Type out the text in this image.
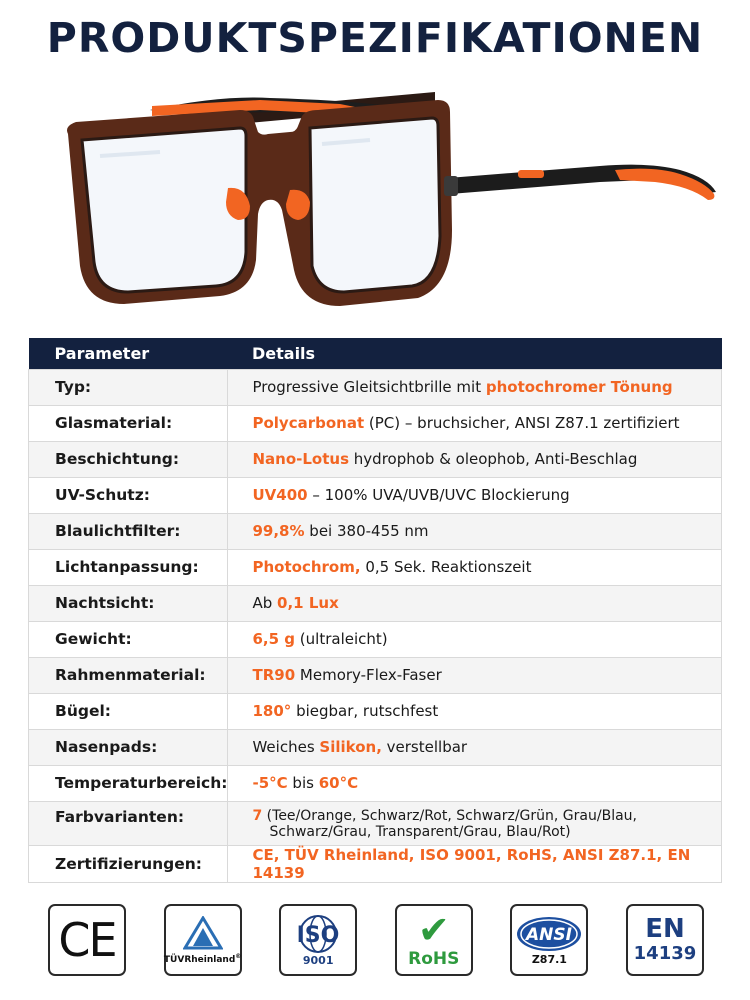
PRODUKTSPEZIFIKATIONEN
Parameter	Details
Typ:	Progressive Gleitsichtbrille mit photochromer Tönung
Glasmaterial:	Polycarbonat (PC) – bruchsicher, ANSI Z87.1 zertifiziert
Beschichtung:	Nano-Lotus hydrophob & oleophob, Anti-Beschlag
UV-Schutz:	UV400 – 100% UVA/UVB/UVC Blockierung
Blaulichtfilter:	99,8% bei 380-455 nm
Lichtanpassung:	Photochrom, 0,5 Sek. Reaktionszeit
Nachtsicht:	Ab 0,1 Lux
Gewicht:	6,5 g (ultraleicht)
Rahmenmaterial:	TR90 Memory-Flex-Faser
Bügel:	180° biegbar, rutschfest
Nasenpads:	Weiches Silikon, verstellbar
Temperaturbereich:	-5°C bis 60°C
Farbvarianten:	7 (Tee/Orange, Schwarz/Rot, Schwarz/Grün, Grau/Blau,
Schwarz/Grau, Transparent/Grau, Blau/Rot)

Zertifizierungen:	CE, TÜV Rheinland, ISO 9001, RoHS, ANSI Z87.1, EN 14139
CE	TÜVRheinland®
ISO
9001
✔
RoHS
ANSI
Z87.1
EN
14139
